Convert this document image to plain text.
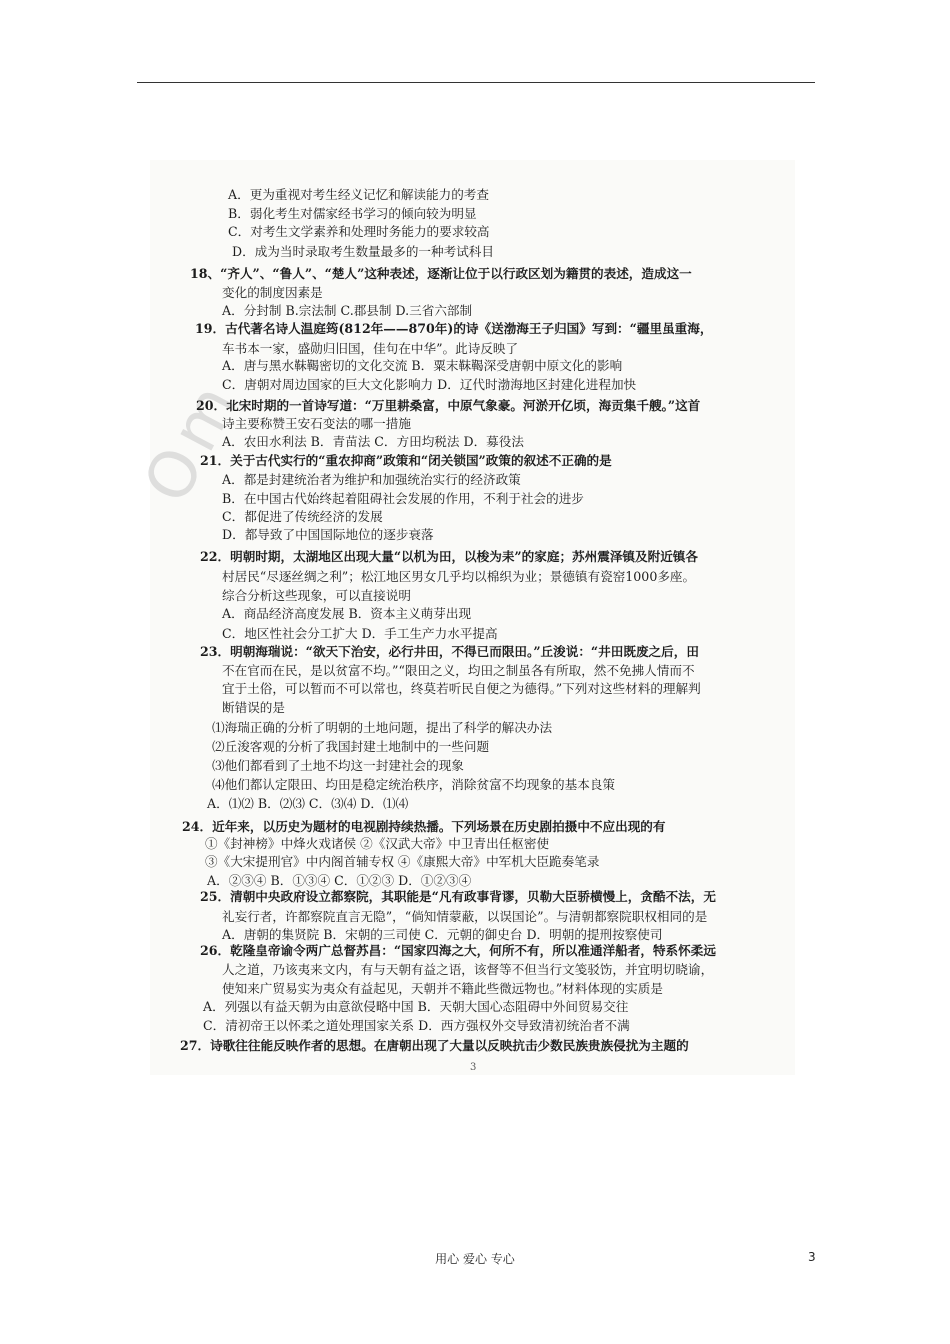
Om
A．更为重视对考生经义记忆和解读能力的考查
B．弱化考生对儒家经书学习的倾向较为明显
C．对考生文学素养和处理时务能力的要求较高
D．成为当时录取考生数量最多的一种考试科目
18、“齐人”、“鲁人”、“楚人”这种表述，逐渐让位于以行政区划为籍贯的表述，造成这一
变化的制度因素是
A．分封制 B.宗法制 C.郡县制 D.三省六部制
19．古代著名诗人温庭筠(812年——870年)的诗《送渤海王子归国》写到：“疆里虽重海，
车书本一家，盛勋归旧国，佳句在中华”。此诗反映了
A．唐与黑水靺鞨密切的文化交流 B．粟末靺鞨深受唐朝中原文化的影响
C．唐朝对周边国家的巨大文化影响力 D．辽代时渤海地区封建化进程加快
20．北宋时期的一首诗写道：“万里耕桑富，中原气象豪。河淤开亿顷，海贡集千艘。”这首
诗主要称赞王安石变法的哪一措施
A．农田水利法 B．青苗法 C．方田均税法 D．募役法
21．关于古代实行的“重农抑商”政策和“闭关锁国”政策的叙述不正确的是
A．都是封建统治者为维护和加强统治实行的经济政策
B．在中国古代始终起着阻碍社会发展的作用，不利于社会的进步
C．都促进了传统经济的发展
D．都导致了中国国际地位的逐步衰落
22．明朝时期，太湖地区出现大量“以机为田，以梭为耒”的家庭；苏州震泽镇及附近镇各
村居民“尽逐丝绸之利”；松江地区男女几乎均以棉织为业；景德镇有瓷窑1000多座。
综合分析这些现象，可以直接说明
A．商品经济高度发展 B．资本主义萌芽出现
C．地区性社会分工扩大 D．手工生产力水平提高
23．明朝海瑞说：“欲天下治安，必行井田，不得已而限田。”丘浚说：“井田既废之后，田
不在官而在民，是以贫富不均。”“限田之义，均田之制虽各有所取，然不免拂人情而不
宜于土俗，可以暂而不可以常也，终莫若听民自便之为德得。”下列对这些材料的理解判
断错误的是
⑴海瑞正确的分析了明朝的土地问题，提出了科学的解决办法
⑵丘浚客观的分析了我国封建土地制中的一些问题
⑶他们都看到了土地不均这一封建社会的现象
⑷他们都认定限田、均田是稳定统治秩序，消除贫富不均现象的基本良策
A．⑴⑵ B．⑵⑶ C．⑶⑷ D．⑴⑷
24．近年来，以历史为题材的电视剧持续热播。下列场景在历史剧拍摄中不应出现的有
①《封神榜》中烽火戏诸侯 ②《汉武大帝》中卫青出任枢密使
③《大宋提刑官》中内阁首辅专权 ④《康熙大帝》中军机大臣跪奏笔录
A．②③④ B．①③④ C．①②③ D．①②③④
25．清朝中央政府设立都察院，其职能是“凡有政事背谬，贝勒大臣骄横慢上，贪酷不法，无
礼妄行者，许都察院直言无隐”，“倘知情蒙蔽，以误国论”。与清朝都察院职权相同的是
A．唐朝的集贤院 B．宋朝的三司使 C．元朝的御史台 D．明朝的提刑按察使司
26．乾隆皇帝谕令两广总督苏昌：“国家四海之大，何所不有，所以准通洋船者，特系怀柔远
人之道，乃该夷来文内，有与天朝有益之语，该督等不但当行文笺驳饬，并宜明切晓谕，
使知来广贸易实为夷众有益起见，天朝并不籍此些微远物也。”材料体现的实质是
A．列强以有益天朝为由意欲侵略中国 B．天朝大国心态阻碍中外间贸易交往
C．清初帝王以怀柔之道处理国家关系 D．西方强权外交导致清初统治者不满
27．诗歌往往能反映作者的思想。在唐朝出现了大量以反映抗击少数民族贵族侵扰为主题的
3
用心 爱心 专心	3
